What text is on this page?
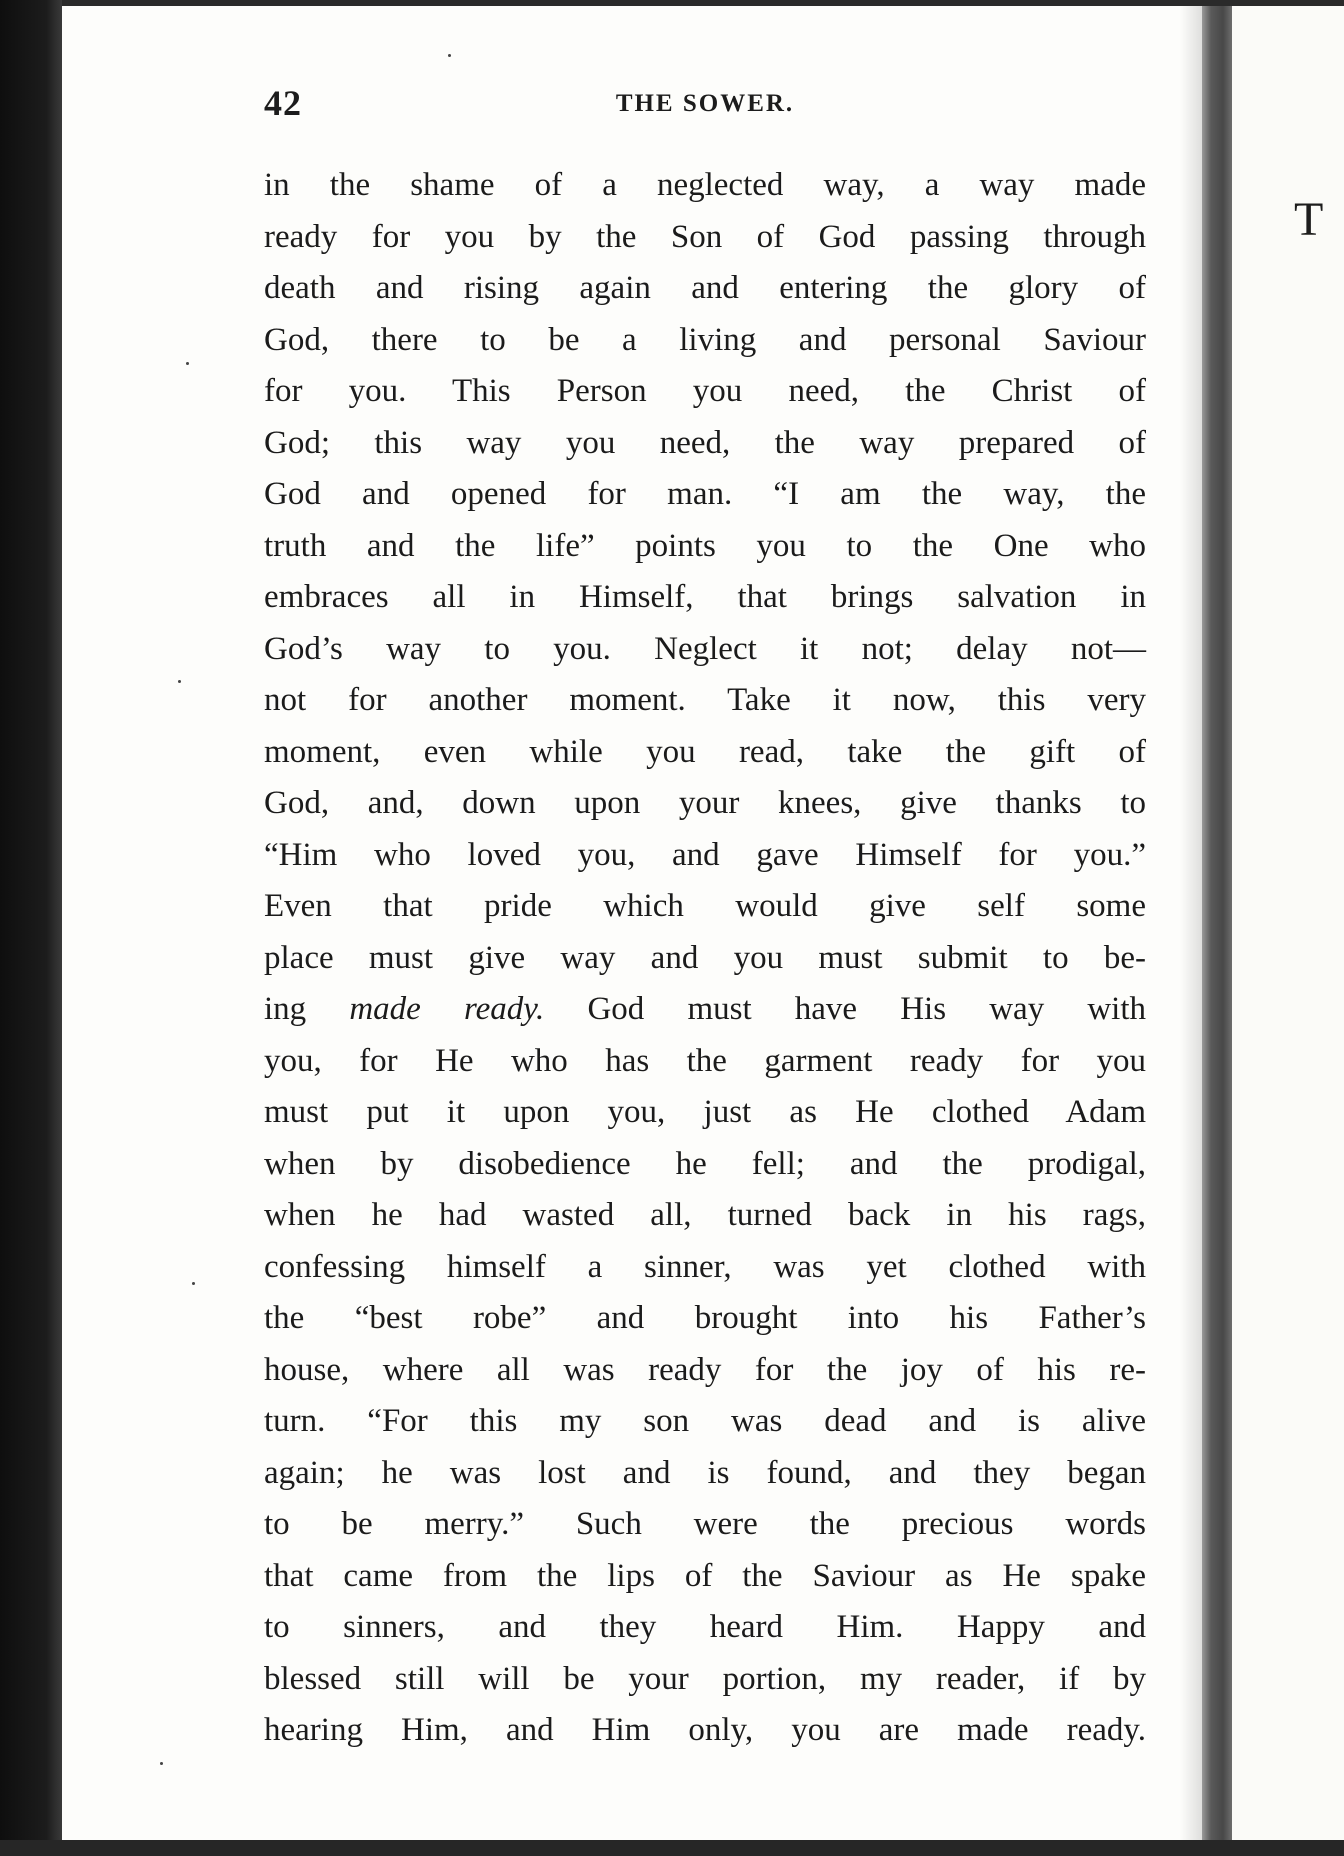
T
42	THE SOWER.
in the shame of a neglected way, a way made
ready for you by the Son of God passing through
death and rising again and entering the glory of
God, there to be a living and personal Saviour
for you. This Person you need, the Christ of
God; this way you need, the way prepared of
God and opened for man. “I am the way, the
truth and the life” points you to the One who
embraces all in Himself, that brings salvation in
God’s way to you. Neglect it not; delay not—
not for another moment. Take it now, this very
moment, even while you read, take the gift of
God, and, down upon your knees, give thanks to
“Him who loved you, and gave Himself for you.”
Even that pride which would give self some
place must give way and you must submit to be-
ing made ready. God must have His way with
you, for He who has the garment ready for you
must put it upon you, just as He clothed Adam
when by disobedience he fell; and the prodigal,
when he had wasted all, turned back in his rags,
confessing himself a sinner, was yet clothed with
the “best robe” and brought into his Father’s
house, where all was ready for the joy of his re-
turn. “For this my son was dead and is alive
again; he was lost and is found, and they began
to be merry.” Such were the precious words
that came from the lips of the Saviour as He spake
to sinners, and they heard Him. Happy and
blessed still will be your portion, my reader, if by
hearing Him, and Him only, you are made ready.
